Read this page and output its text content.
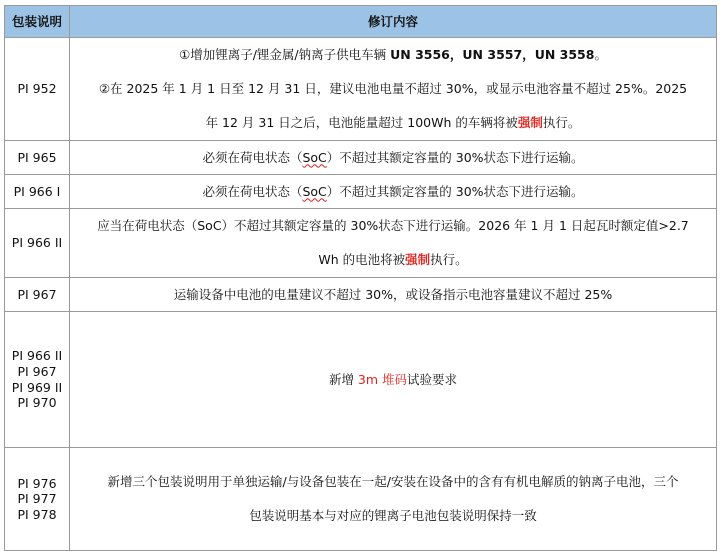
包装说明	修订内容

PI 952	①增加锂离子/锂金属/钠离子供电车辆 UN 3556，UN 3557，UN 3558。
②在 2025 年 1 月 1 日至 12 月 31 日，建议电池电量不超过 30%，或显示电池容量不超过 25%。2025
年 12 月 31 日之后，电池能量超过 100Wh 的车辆将被强制执行。

PI 965	必须在荷电状态（SoC）不超过其额定容量的 30%状态下进行运输。

PI 966 I	必须在荷电状态（SoC）不超过其额定容量的 30%状态下进行运输。

PI 966 II	应当在荷电状态（SoC）不超过其额定容量的 30%状态下进行运输。2026 年 1 月 1 日起瓦时额定值>2.7
Wh 的电池将被强制执行。

PI 967	运输设备中电池的电量建议不超过 30%，或设备指示电池容量建议不超过 25%

PI 966 II
PI 967
PI 969 II
PI 970	新增 3m 堆码试验要求

PI 976
PI 977
PI 978	新增三个包装说明用于单独运输/与设备包装在一起/安装在设备中的含有有机电解质的钠离子电池，三个
包装说明基本与对应的锂离子电池包装说明保持一致
